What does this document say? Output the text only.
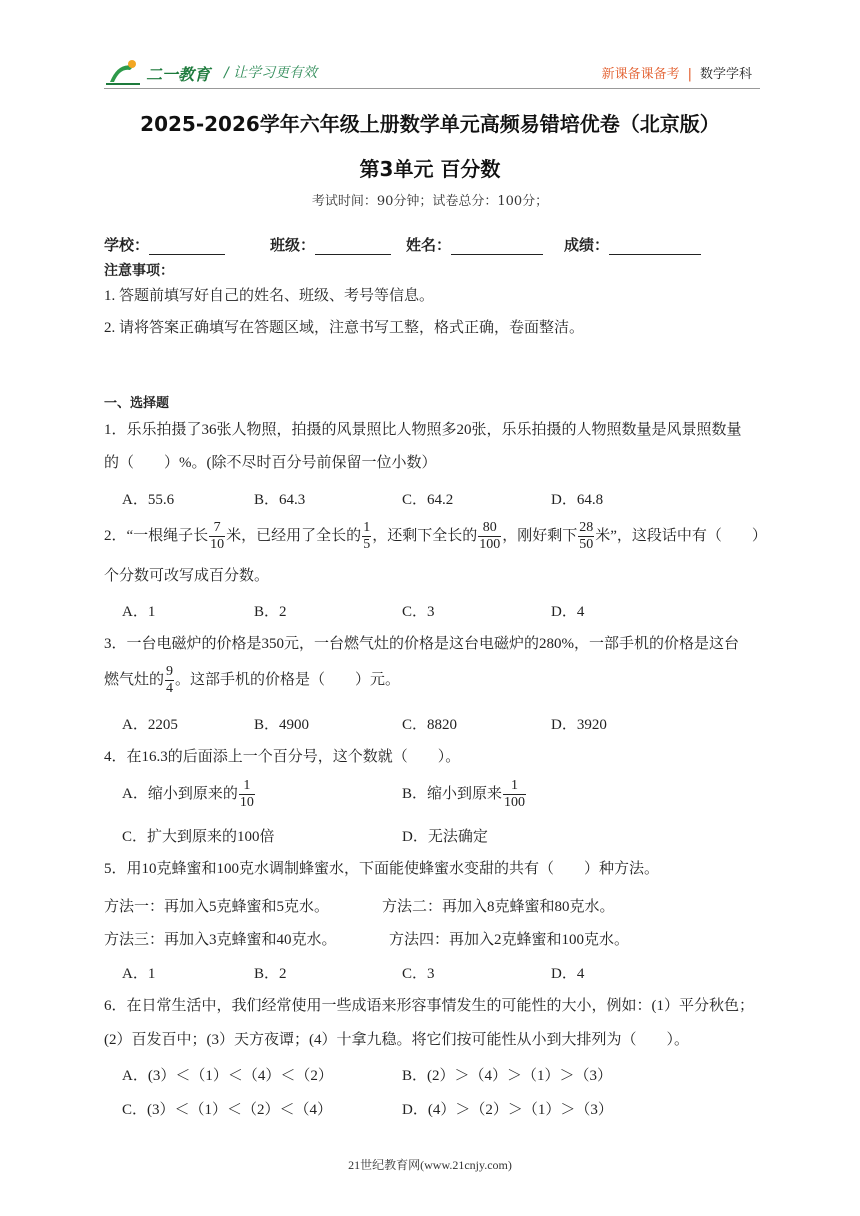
二一教育 / 让学习更有效	新课备课备考 | 数学学科
2025-2026学年六年级上册数学单元高频易错培优卷（北京版）
第3单元 百分数
考试时间：90分钟；试卷总分：100分；
学校：	班级：	姓名：	成绩：
注意事项：
1. 答题前填写好自己的姓名、班级、考号等信息。
2. 请将答案正确填写在答题区域，注意书写工整，格式正确，卷面整洁。
一、选择题
1．乐乐拍摄了36张人物照，拍摄的风景照比人物照多20张，乐乐拍摄的人物照数量是风景照数量
的（　　）%。(除不尽时百分号前保留一位小数）
A．55.6	B．64.3	C．64.2	D．64.8
2．“一根绳子长 $\frac{7}{10}$ 米，已经用了全长的 $\frac{1}{5}$ ，还剩下全长的 $\frac{80}{100}$ ，刚好剩下 $\frac{28}{50}$ 米”，这段话中有（　　）
个分数可改写成百分数。
A．1	B．2	C．3	D．4
3．一台电磁炉的价格是350元，一台燃气灶的价格是这台电磁炉的280%，一部手机的价格是这台
燃气灶的 $\frac{9}{4}$ 。这部手机的价格是（　　）元。
A．2205	B．4900	C．8820	D．3920
4．在16.3的后面添上一个百分号，这个数就（　　）。
A．缩小到原来的 $\frac{1}{10}$	B．缩小到原来 $\frac{1}{100}$
C．扩大到原来的100倍	D．无法确定
5．用10克蜂蜜和100克水调制蜂蜜水，下面能使蜂蜜水变甜的共有（　　）种方法。
方法一：再加入5克蜂蜜和5克水。	方法二：再加入8克蜂蜜和80克水。
方法三：再加入3克蜂蜜和40克水。	方法四：再加入2克蜂蜜和100克水。
A．1	B．2	C．3	D．4
6．在日常生活中，我们经常使用一些成语来形容事情发生的可能性的大小，例如：(1）平分秋色；
(2）百发百中；(3）天方夜谭；(4）十拿九稳。将它们按可能性从小到大排列为（　　）。
A．(3）＜（1）＜（4）＜（2）	B．(2）＞（4）＞（1）＞（3）
C．(3）＜（1）＜（2）＜（4）	D．(4）＞（2）＞（1）＞（3）
21世纪教育网(www.21cnjy.com)
